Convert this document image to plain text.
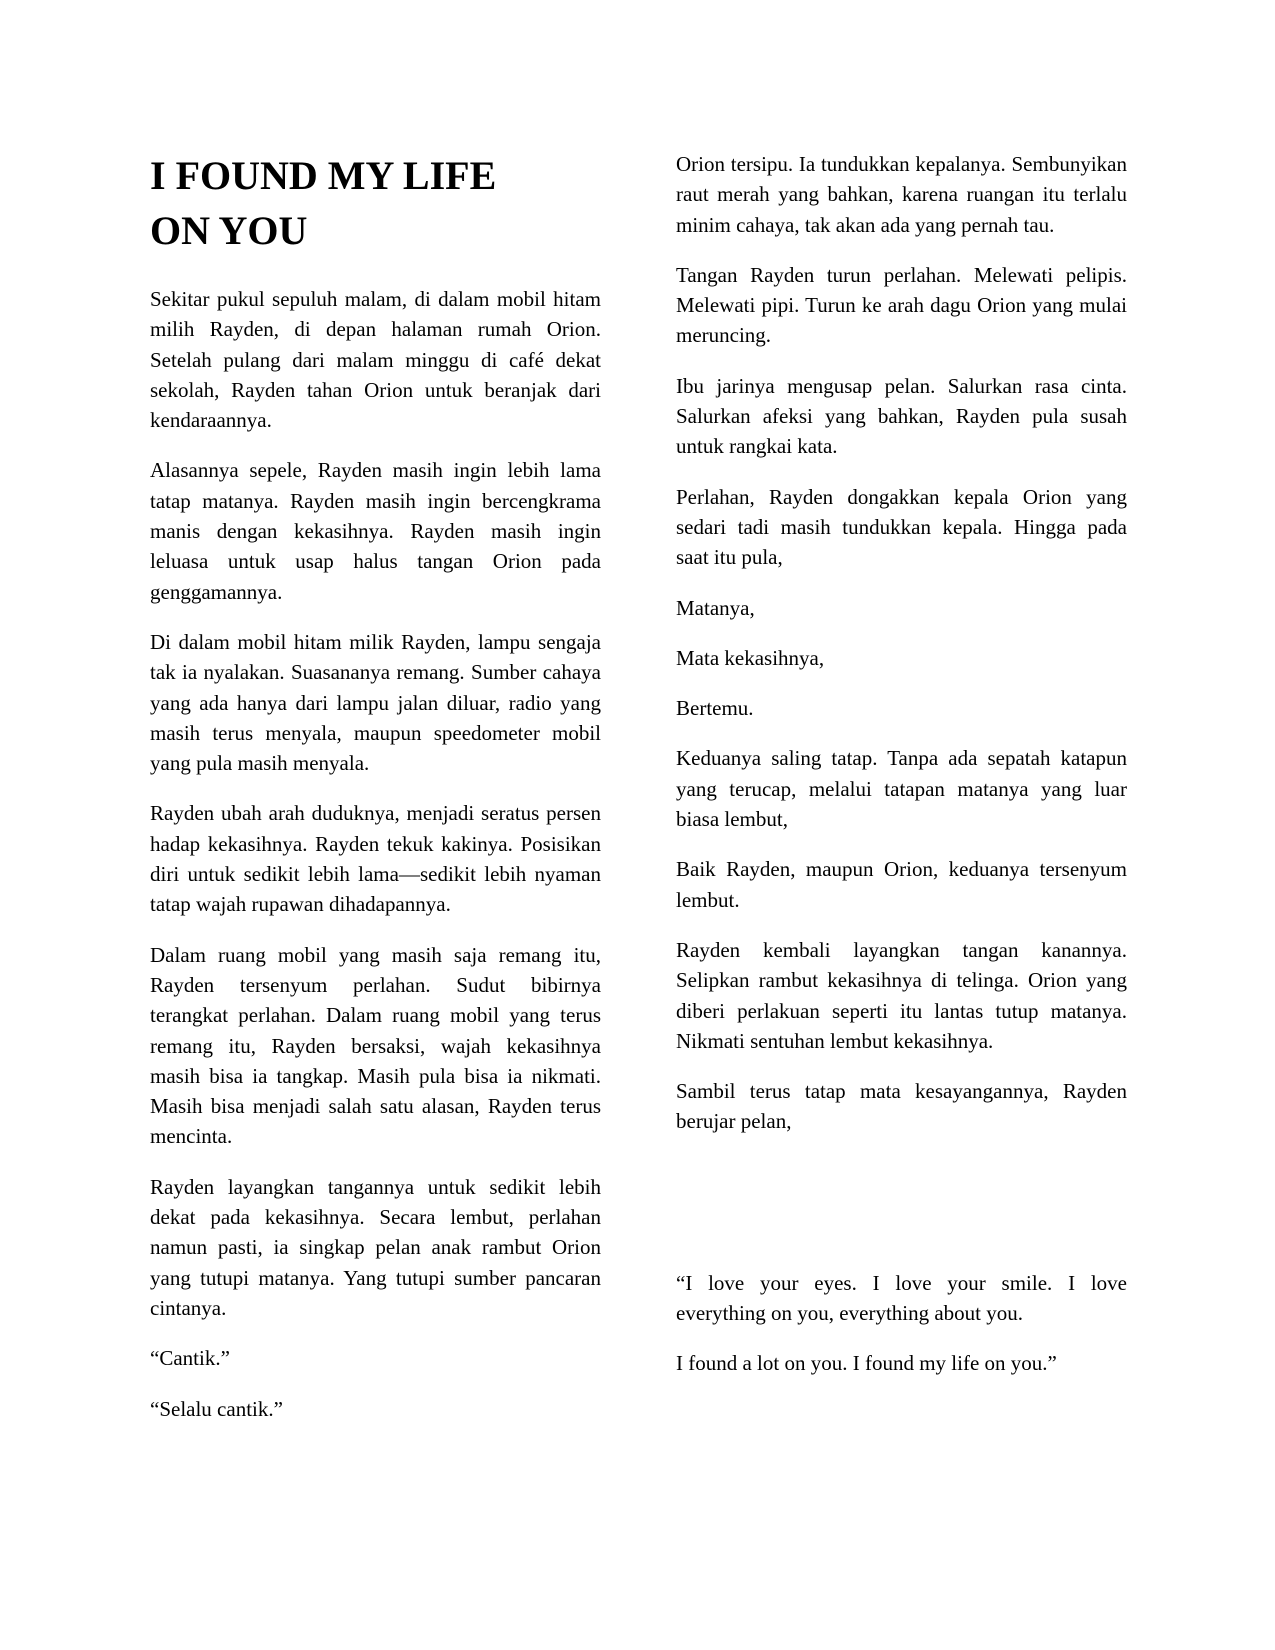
I FOUND MY LIFE
ON YOU

Sekitar pukul sepuluh malam, di dalam mobil hitam milih Rayden, di depan halaman rumah Orion. Setelah pulang dari malam minggu di café dekat sekolah, Rayden tahan Orion untuk beranjak dari kendaraannya.

Alasannya sepele, Rayden masih ingin lebih lama tatap matanya. Rayden masih ingin bercengkrama manis dengan kekasihnya. Rayden masih ingin leluasa untuk usap halus tangan Orion pada genggamannya.

Di dalam mobil hitam milik Rayden, lampu sengaja tak ia nyalakan. Suasananya remang. Sumber cahaya yang ada hanya dari lampu jalan diluar, radio yang masih terus menyala, maupun speedometer mobil yang pula masih menyala.

Rayden ubah arah duduknya, menjadi seratus persen hadap kekasihnya. Rayden tekuk kakinya. Posisikan diri untuk sedikit lebih lama—sedikit lebih nyaman tatap wajah rupawan dihadapannya.

Dalam ruang mobil yang masih saja remang itu, Rayden tersenyum perlahan. Sudut bibirnya terangkat perlahan. Dalam ruang mobil yang terus remang itu, Rayden bersaksi, wajah kekasihnya masih bisa ia tangkap. Masih pula bisa ia nikmati. Masih bisa menjadi salah satu alasan, Rayden terus mencinta.

Rayden layangkan tangannya untuk sedikit lebih dekat pada kekasihnya. Secara lembut, perlahan namun pasti, ia singkap pelan anak rambut Orion yang tutupi matanya. Yang tutupi sumber pancaran cintanya.

“Cantik.”

“Selalu cantik.”

Orion tersipu. Ia tundukkan kepalanya. Sembunyikan raut merah yang bahkan, karena ruangan itu terlalu minim cahaya, tak akan ada yang pernah tau.

Tangan Rayden turun perlahan. Melewati pelipis. Melewati pipi. Turun ke arah dagu Orion yang mulai meruncing.

Ibu jarinya mengusap pelan. Salurkan rasa cinta. Salurkan afeksi yang bahkan, Rayden pula susah untuk rangkai kata.

Perlahan, Rayden dongakkan kepala Orion yang sedari tadi masih tundukkan kepala. Hingga pada saat itu pula,

Matanya,

Mata kekasihnya,

Bertemu.

Keduanya saling tatap. Tanpa ada sepatah katapun yang terucap, melalui tatapan matanya yang luar biasa lembut,

Baik Rayden, maupun Orion, keduanya tersenyum lembut.

Rayden kembali layangkan tangan kanannya. Selipkan rambut kekasihnya di telinga. Orion yang diberi perlakuan seperti itu lantas tutup matanya. Nikmati sentuhan lembut kekasihnya.

Sambil terus tatap mata kesayangannya, Rayden berujar pelan,

“I love your eyes. I love your smile. I love everything on you, everything about you.

I found a lot on you. I found my life on you.”
